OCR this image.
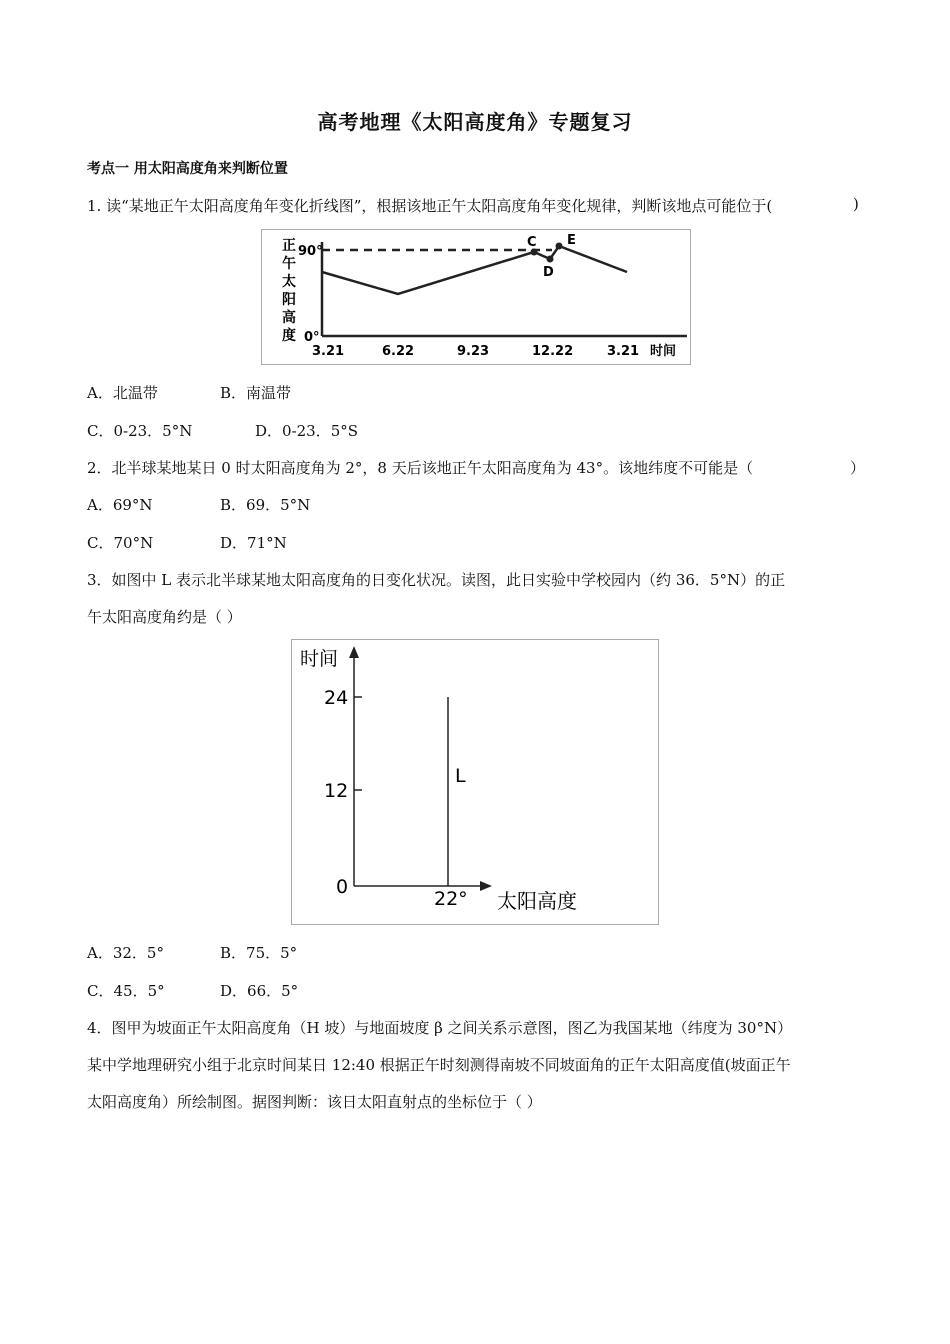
高考地理《太阳高度角》专题复习
考点一 用太阳高度角来判断位置
1. 读“某地正午太阳高度角年变化折线图”，根据该地正午太阳高度角年变化规律，判断该地点可能位于(	)
正
午
太
阳
高
度
90°
0°
C
D
E
3.21	6.22	9.23	12.22	3.21 时间
A．北温带	B．南温带
C．0-23．5°N	D．0-23．5°S
2．北半球某地某日 0 时太阳高度角为 2°，8 天后该地正午太阳高度角为 43°。该地纬度不可能是（	）
A．69°N	B．69．5°N
C．70°N	D．71°N
3．如图中 L 表示北半球某地太阳高度角的日变化状况。读图，此日实验中学校园内（约 36．5°N）的正
午太阳高度角约是（ ）
时间
24
12
0
L
22° 太阳高度
A．32．5°	B．75．5°
C．45．5°	D．66．5°
4．图甲为坡面正午太阳高度角（H 坡）与地面坡度 β 之间关系示意图，图乙为我国某地（纬度为 30°N）
某中学地理研究小组于北京时间某日 12:40 根据正午时刻测得南坡不同坡面角的正午太阳高度值(坡面正午
太阳高度角）所绘制图。据图判断：该日太阳直射点的坐标位于（ ）
